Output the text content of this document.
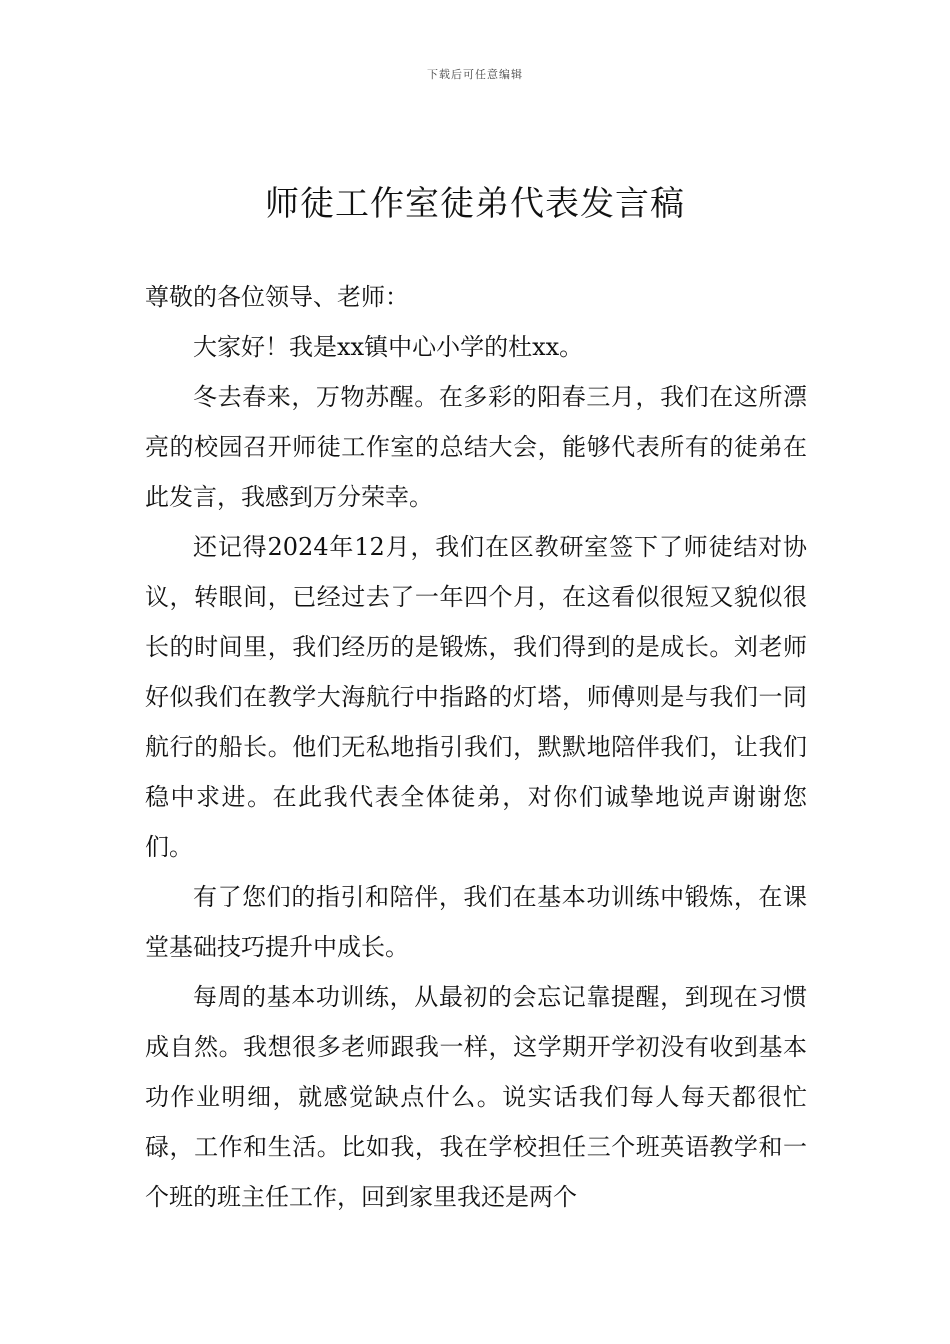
下载后可任意编辑
师徒工作室徒弟代表发言稿

尊敬的各位领导、老师：

大家好！我是xx镇中心小学的杜xx。

冬去春来，万物苏醒。在多彩的阳春三月，我们在这所漂亮的校园召开师徒工作室的总结大会，能够代表所有的徒弟在此发言，我感到万分荣幸。

还记得2024年12月，我们在区教研室签下了师徒结对协议，转眼间，已经过去了一年四个月，在这看似很短又貌似很长的时间里，我们经历的是锻炼，我们得到的是成长。刘老师好似我们在教学大海航行中指路的灯塔，师傅则是与我们一同航行的船长。他们无私地指引我们，默默地陪伴我们，让我们稳中求进。在此我代表全体徒弟，对你们诚挚地说声谢谢您们。

有了您们的指引和陪伴，我们在基本功训练中锻炼，在课堂基础技巧提升中成长。

每周的基本功训练，从最初的会忘记靠提醒，到现在习惯成自然。我想很多老师跟我一样，这学期开学初没有收到基本功作业明细，就感觉缺点什么。说实话我们每人每天都很忙碌，工作和生活。比如我，我在学校担任三个班英语教学和一个班的班主任工作，回到家里我还是两个
